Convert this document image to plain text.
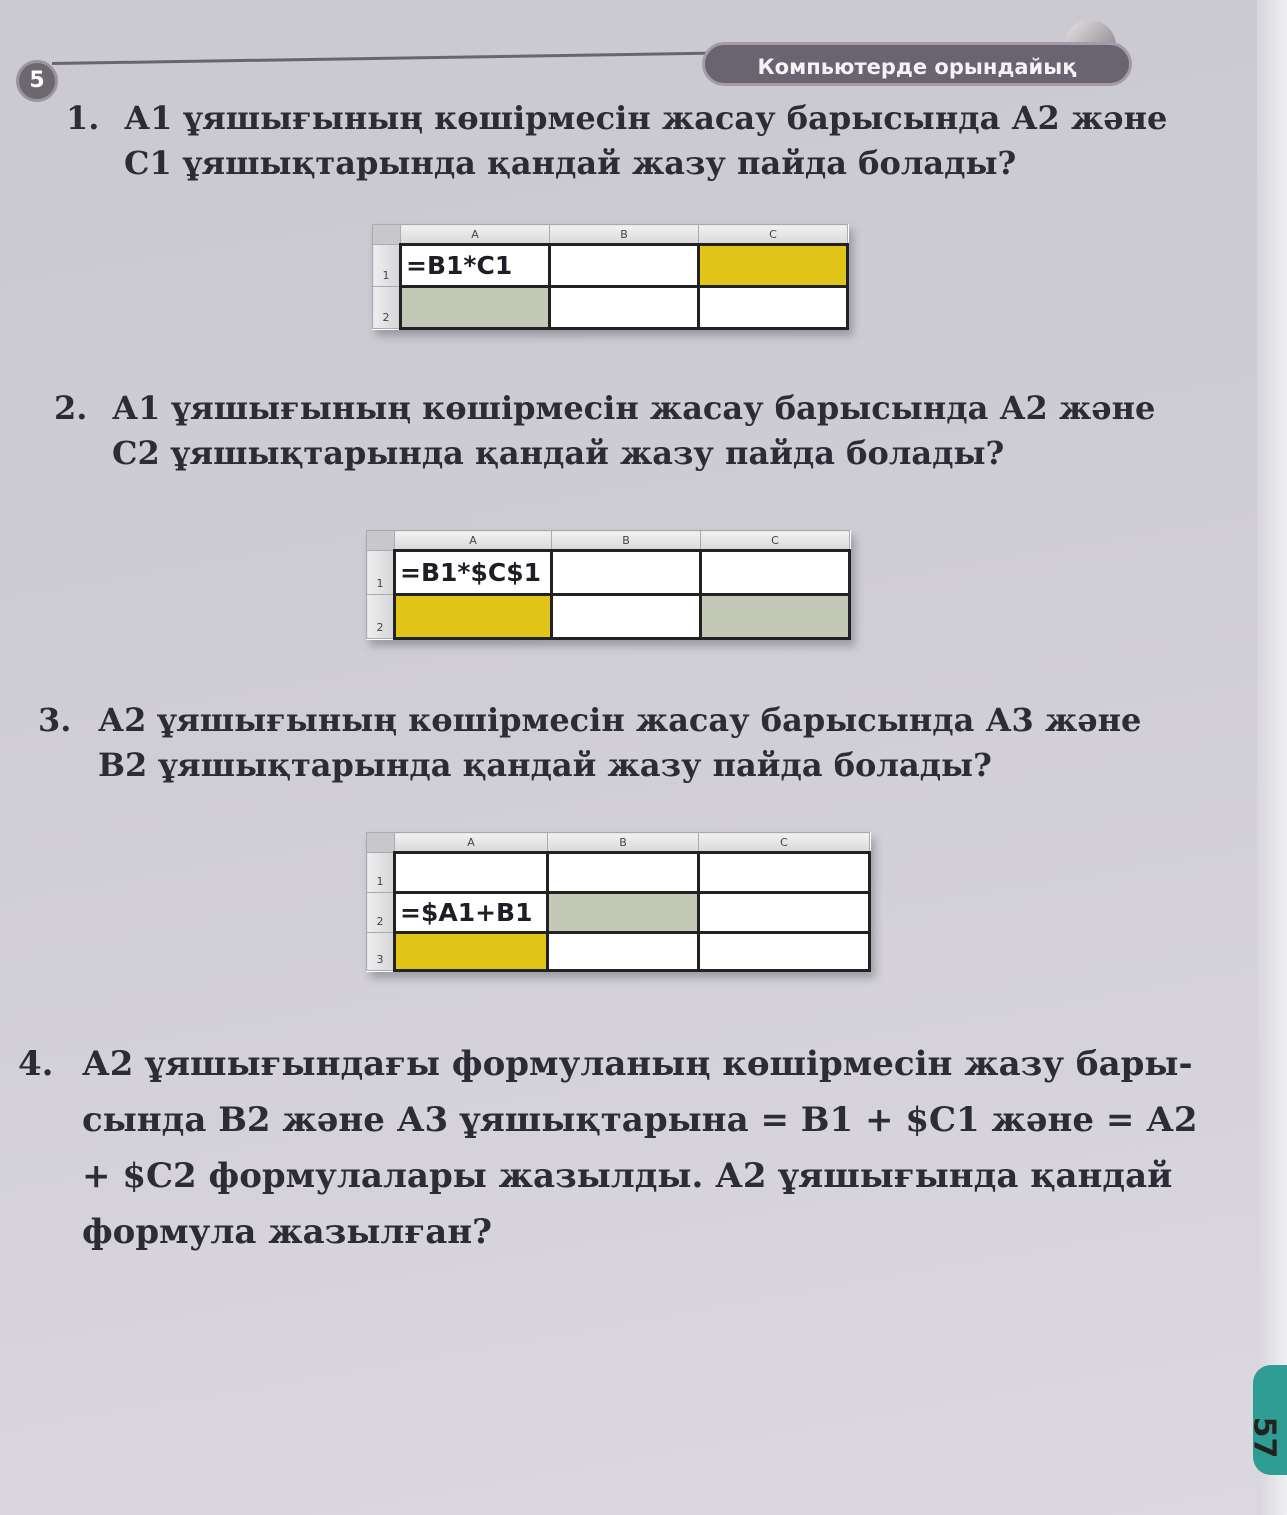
57
5
Компьютерде орындайық
1. А1 ұяшығының көшірмесін жасау барысында А2 және
С1 ұяшықтарында қандай жазу пайда болады?
	A	B	C
1	=B1*C1		
2			
2. А1 ұяшығының көшірмесін жасау барысында А2 және
С2 ұяшықтарында қандай жазу пайда болады?
	A	B	C
1	=B1*$C$1		
2			
3. А2 ұяшығының көшірмесін жасау барысында А3 және
В2 ұяшықтарында қандай жазу пайда болады?
	A	B	C
1			
2	=$A1+B1		
3			
4. А2 ұяшығындағы формуланың көшірмесін жазу бары-
сында В2 және А3 ұяшықтарына = В1 + $С1 және = А2
+ $С2 формулалары жазылды. А2 ұяшығында қандай
формула жазылған?
